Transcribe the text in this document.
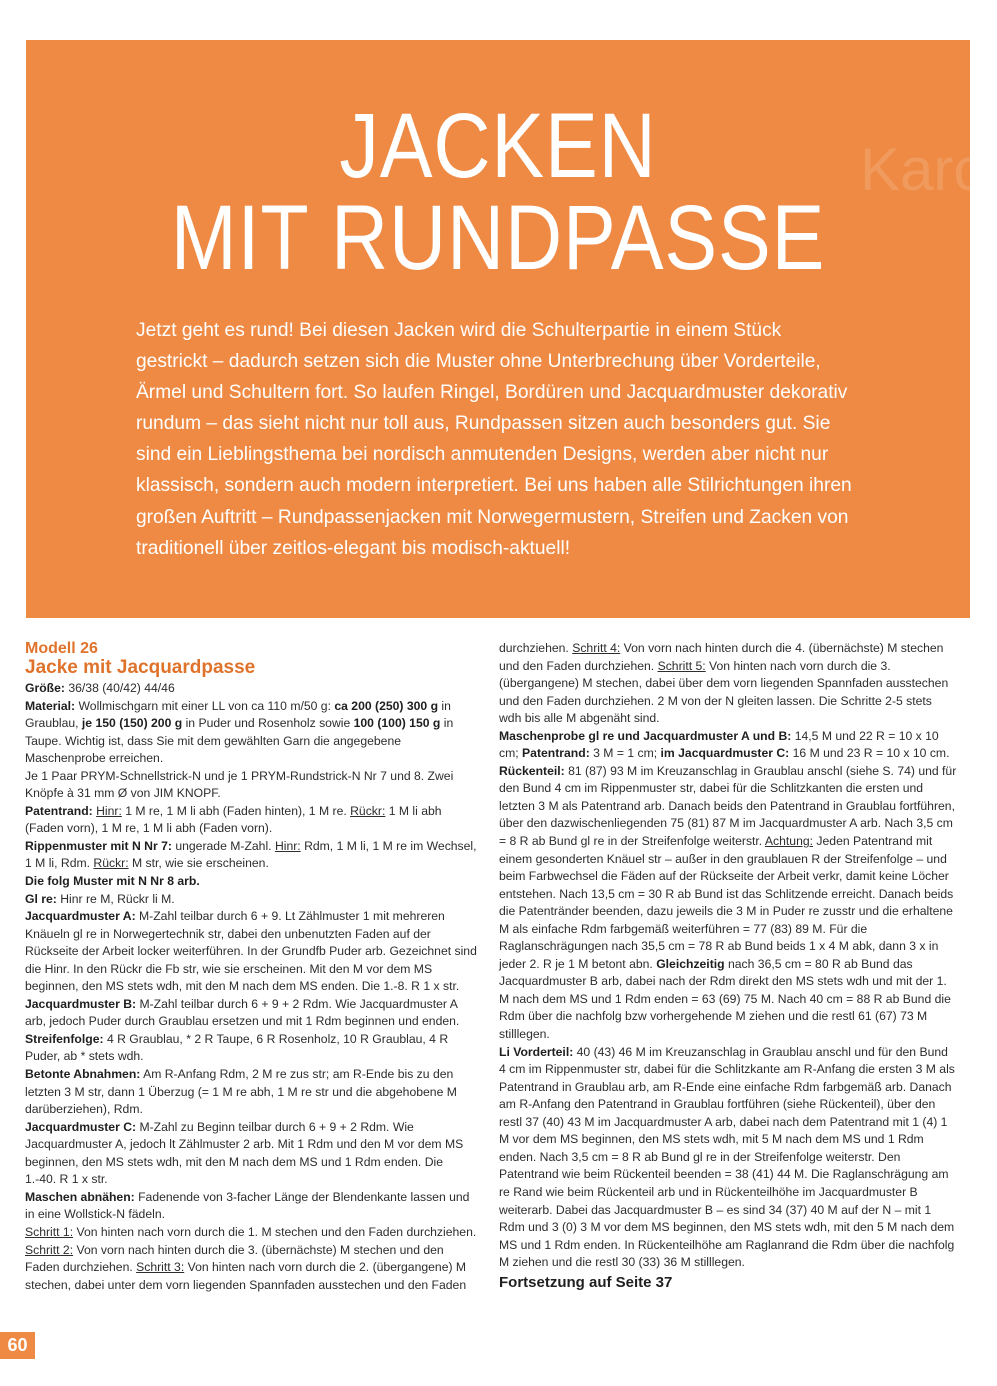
Karo
JACKEN
MIT RUNDPASSE
Jetzt geht es rund! Bei diesen Jacken wird die Schulterpartie in einem Stück gestrickt – dadurch setzen sich die Muster ohne Unterbrechung über Vorderteile, Ärmel und Schultern fort. So laufen Ringel, Bordüren und Jacquardmuster dekorativ rundum – das sieht nicht nur toll aus, Rundpassen sitzen auch besonders gut. Sie sind ein Lieblingsthema bei nordisch anmutenden Designs, werden aber nicht nur klassisch, sondern auch modern interpretiert. Bei uns haben alle Stilrichtungen ihren großen Auftritt – Rundpassenjacken mit Norwegermustern, Streifen und Zacken von traditionell über zeitlos-elegant bis modisch-aktuell!
Modell 26
Jacke mit Jacquardpasse

Größe: 36/38 (40/42) 44/46

Material: Wollmischgarn mit einer LL von ca 110 m/50 g: ca 200 (250) 300 g in Graublau, je 150 (150) 200 g in Puder und Rosenholz sowie 100 (100) 150 g in Taupe. Wichtig ist, dass Sie mit dem gewählten Garn die angegebene Maschenprobe erreichen.

Je 1 Paar PRYM-Schnellstrick-N und je 1 PRYM-Rundstrick-N Nr 7 und 8. Zwei Knöpfe à 31 mm Ø von JIM KNOPF.

Patentrand: Hinr: 1 M re, 1 M li abh (Faden hinten), 1 M re. Rückr: 1 M li abh (Faden vorn), 1 M re, 1 M li abh (Faden vorn).

Rippenmuster mit N Nr 7: ungerade M-Zahl. Hinr: Rdm, 1 M li, 1 M re im Wechsel, 1 M li, Rdm. Rückr: M str, wie sie erscheinen.

Die folg Muster mit N Nr 8 arb.

Gl re: Hinr re M, Rückr li M.

Jacquardmuster A: M-Zahl teilbar durch 6 + 9. Lt Zählmuster 1 mit mehreren Knäueln gl re in Norwegertechnik str, dabei den unbenutzten Faden auf der Rückseite der Arbeit locker weiterführen. In der Grundfb Puder arb. Gezeichnet sind die Hinr. In den Rückr die Fb str, wie sie erscheinen. Mit den M vor dem MS beginnen, den MS stets wdh, mit den M nach dem MS enden. Die 1.-8. R 1 x str.

Jacquardmuster B: M-Zahl teilbar durch 6 + 9 + 2 Rdm. Wie Jacquardmuster A arb, jedoch Puder durch Graublau ersetzen und mit 1 Rdm beginnen und enden.

Streifenfolge: 4 R Graublau, * 2 R Taupe, 6 R Rosenholz, 10 R Graublau, 4 R Puder, ab * stets wdh.

Betonte Abnahmen: Am R-Anfang Rdm, 2 M re zus str; am R-Ende bis zu den letzten 3 M str, dann 1 Überzug (= 1 M re abh, 1 M re str und die abgehobene M darüberziehen), Rdm.

Jacquardmuster C: M-Zahl zu Beginn teilbar durch 6 + 9 + 2 Rdm. Wie Jacquardmuster A, jedoch lt Zählmuster 2 arb. Mit 1 Rdm und den M vor dem MS beginnen, den MS stets wdh, mit den M nach dem MS und 1 Rdm enden. Die 1.-40. R 1 x str.

Maschen abnähen: Fadenende von 3-facher Länge der Blendenkante lassen und in eine Wollstick-N fädeln.

Schritt 1: Von hinten nach vorn durch die 1. M stechen und den Faden durchziehen.

Schritt 2: Von vorn nach hinten durch die 3. (übernächste) M stechen und den Faden durchziehen. Schritt 3: Von hinten nach vorn durch die 2. (übergangene) M stechen, dabei unter dem vorn liegenden Spannfaden ausstechen und den Faden

durchziehen. Schritt 4: Von vorn nach hinten durch die 4. (übernächste) M stechen und den Faden durchziehen. Schritt 5: Von hinten nach vorn durch die 3. (übergangene) M stechen, dabei über dem vorn liegenden Spannfaden ausstechen und den Faden durchziehen. 2 M von der N gleiten lassen. Die Schritte 2-5 stets wdh bis alle M abgenäht sind.

Maschenprobe gl re und Jacquardmuster A und B: 14,5 M und 22 R = 10 x 10 cm; Patentrand: 3 M = 1 cm; im Jacquardmuster C: 16 M und 23 R = 10 x 10 cm.

Rückenteil: 81 (87) 93 M im Kreuzanschlag in Graublau anschl (siehe S. 74) und für den Bund 4 cm im Rippenmuster str, dabei für die Schlitzkanten die ersten und letzten 3 M als Patentrand arb. Danach beids den Patentrand in Graublau fortführen, über den dazwischenliegenden 75 (81) 87 M im Jacquardmuster A arb. Nach 3,5 cm = 8 R ab Bund gl re in der Streifenfolge weiterstr. Achtung: Jeden Patentrand mit einem gesonderten Knäuel str – außer in den graublauen R der Streifenfolge – und beim Farbwechsel die Fäden auf der Rückseite der Arbeit verkr, damit keine Löcher entstehen. Nach 13,5 cm = 30 R ab Bund ist das Schlitzende erreicht. Danach beids die Patentränder beenden, dazu jeweils die 3 M in Puder re zusstr und die erhaltene M als einfache Rdm farbgemäß weiterführen = 77 (83) 89 M. Für die Raglanschrägungen nach 35,5 cm = 78 R ab Bund beids 1 x 4 M abk, dann 3 x in jeder 2. R je 1 M betont abn. Gleichzeitig nach 36,5 cm = 80 R ab Bund das Jacquardmuster B arb, dabei nach der Rdm direkt den MS stets wdh und mit der 1. M nach dem MS und 1 Rdm enden = 63 (69) 75 M. Nach 40 cm = 88 R ab Bund die Rdm über die nachfolg bzw vorhergehende M ziehen und die restl 61 (67) 73 M stilllegen.

Li Vorderteil: 40 (43) 46 M im Kreuzanschlag in Graublau anschl und für den Bund 4 cm im Rippenmuster str, dabei für die Schlitzkante am R-Anfang die ersten 3 M als Patentrand in Graublau arb, am R-Ende eine einfache Rdm farbgemäß arb. Danach am R-Anfang den Patentrand in Graublau fortführen (siehe Rückenteil), über den restl 37 (40) 43 M im Jacquardmuster A arb, dabei nach dem Patentrand mit 1 (4) 1 M vor dem MS beginnen, den MS stets wdh, mit 5 M nach dem MS und 1 Rdm enden. Nach 3,5 cm = 8 R ab Bund gl re in der Streifenfolge weiterstr. Den Patentrand wie beim Rückenteil beenden = 38 (41) 44 M. Die Raglanschrägung am re Rand wie beim Rückenteil arb und in Rückenteilhöhe im Jacquardmuster B weiterarb. Dabei das Jacquardmuster B – es sind 34 (37) 40 M auf der N – mit 1 Rdm und 3 (0) 3 M vor dem MS beginnen, den MS stets wdh, mit den 5 M nach dem MS und 1 Rdm enden. In Rückenteilhöhe am Raglanrand die Rdm über die nachfolg M ziehen und die restl 30 (33) 36 M stilllegen.

Fortsetzung auf Seite 37
60
